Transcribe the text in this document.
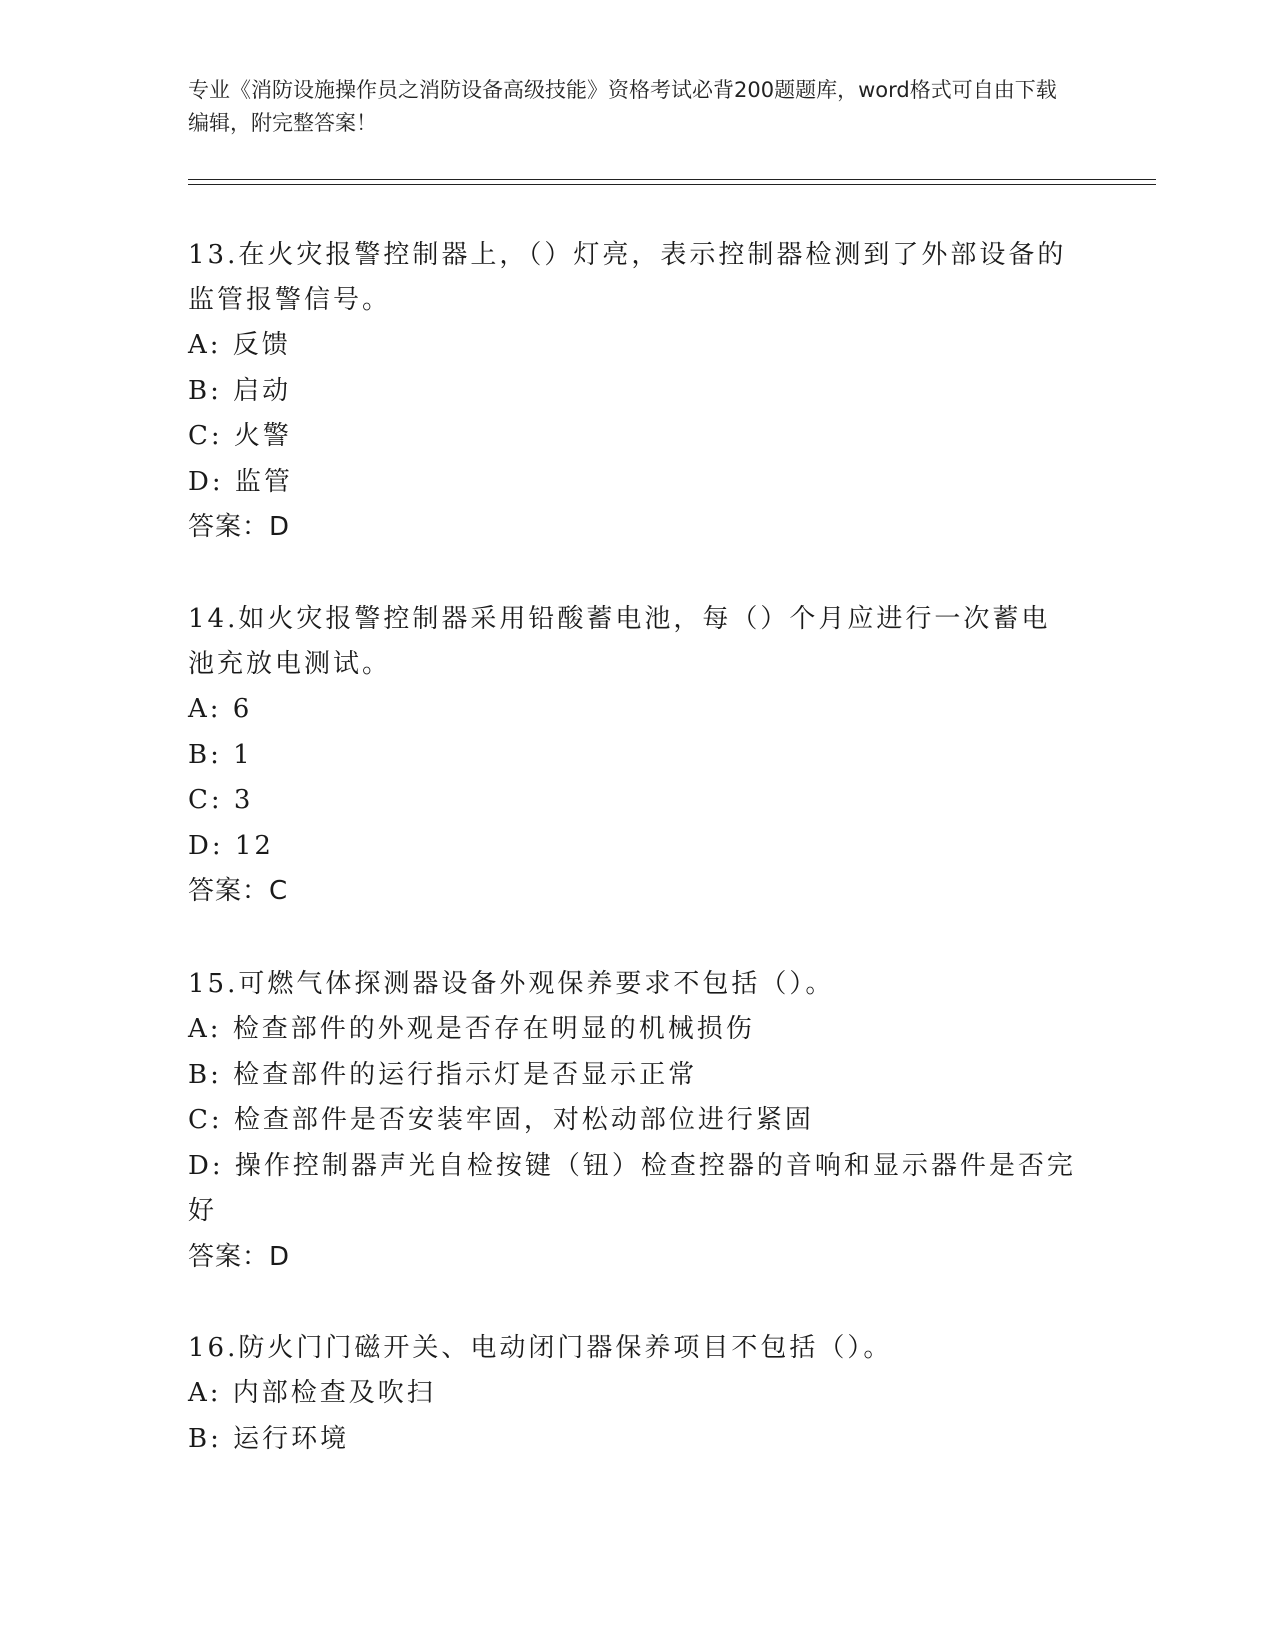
专业《消防设施操作员之消防设备高级技能》资格考试必背200题题库，word格式可自由下载编辑，附完整答案！
13.在火灾报警控制器上，（）灯亮，表示控制器检测到了外部设备的监管报警信号。
A: 反馈
B: 启动
C: 火警
D: 监管
答案：D
14.如火灾报警控制器采用铅酸蓄电池，每（）个月应进行一次蓄电池充放电测试。
A: 6
B: 1
C: 3
D: 12
答案：C
15.可燃气体探测器设备外观保养要求不包括（）。
A: 检查部件的外观是否存在明显的机械损伤
B: 检查部件的运行指示灯是否显示正常
C: 检查部件是否安装牢固，对松动部位进行紧固
D: 操作控制器声光自检按键（钮）检查控器的音响和显示器件是否完好
答案：D
16.防火门门磁开关、电动闭门器保养项目不包括（）。
A: 内部检查及吹扫
B: 运行环境
